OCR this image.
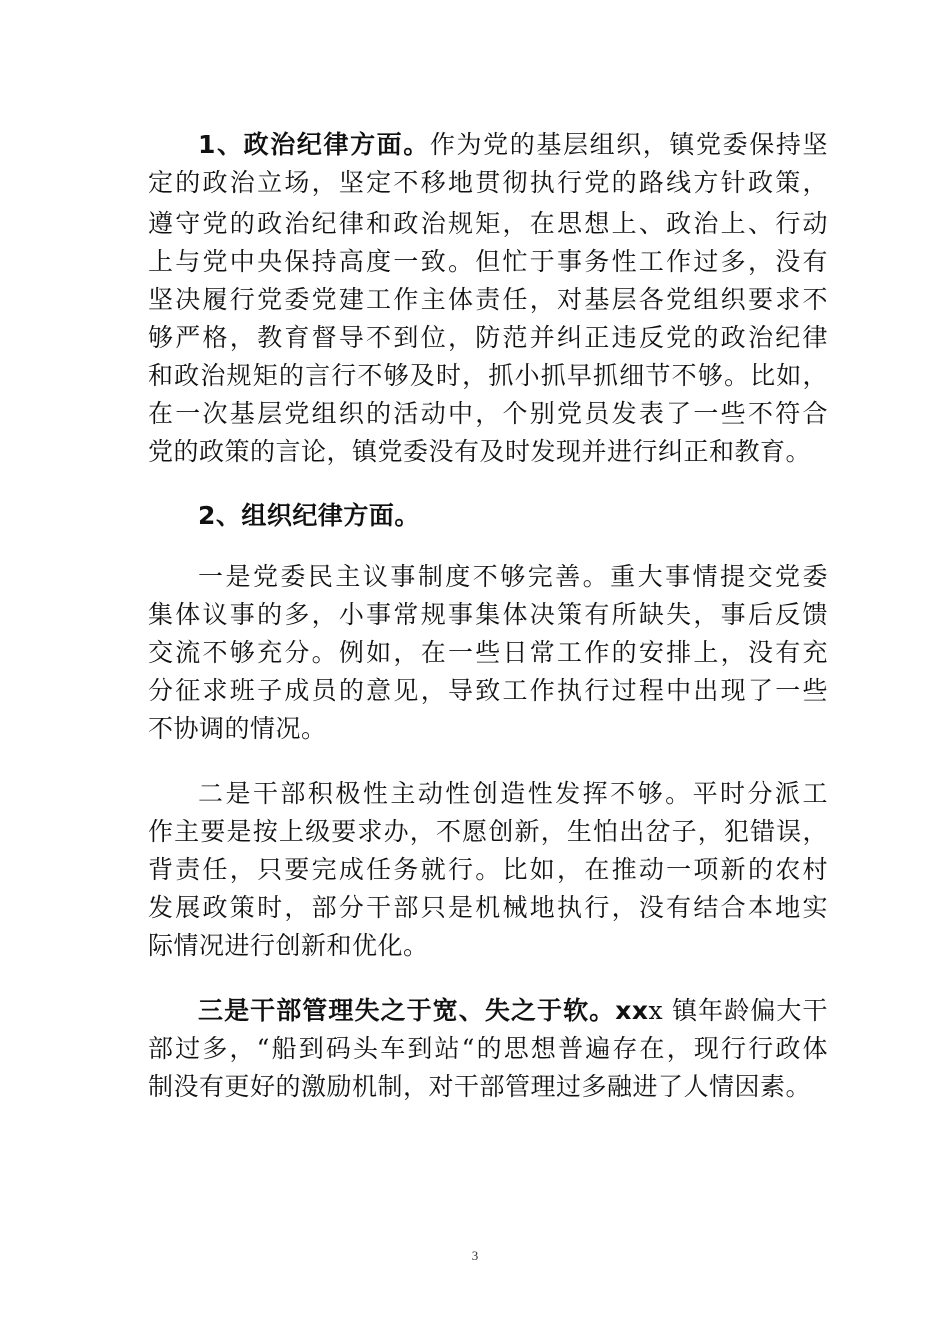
1、政治纪律方面。作为党的基层组织，镇党委保持坚
定的政治立场，坚定不移地贯彻执行党的路线方针政策，
遵守党的政治纪律和政治规矩，在思想上、政治上、行动
上与党中央保持高度一致。但忙于事务性工作过多，没有
坚决履行党委党建工作主体责任，对基层各党组织要求不
够严格，教育督导不到位，防范并纠正违反党的政治纪律
和政治规矩的言行不够及时，抓小抓早抓细节不够。比如，
在一次基层党组织的活动中，个别党员发表了一些不符合
党的政策的言论，镇党委没有及时发现并进行纠正和教育。
2、组织纪律方面。
一是党委民主议事制度不够完善。重大事情提交党委
集体议事的多，小事常规事集体决策有所缺失，事后反馈
交流不够充分。例如，在一些日常工作的安排上，没有充
分征求班子成员的意见，导致工作执行过程中出现了一些
不协调的情况。
二是干部积极性主动性创造性发挥不够。平时分派工
作主要是按上级要求办，不愿创新，生怕出岔子，犯错误，
背责任，只要完成任务就行。比如，在推动一项新的农村
发展政策时，部分干部只是机械地执行，没有结合本地实
际情况进行创新和优化。
三是干部管理失之于宽、失之于软。xxx 镇年龄偏大干
部过多，“船到码头车到站“的思想普遍存在，现行行政体
制没有更好的激励机制，对干部管理过多融进了人情因素。
3
